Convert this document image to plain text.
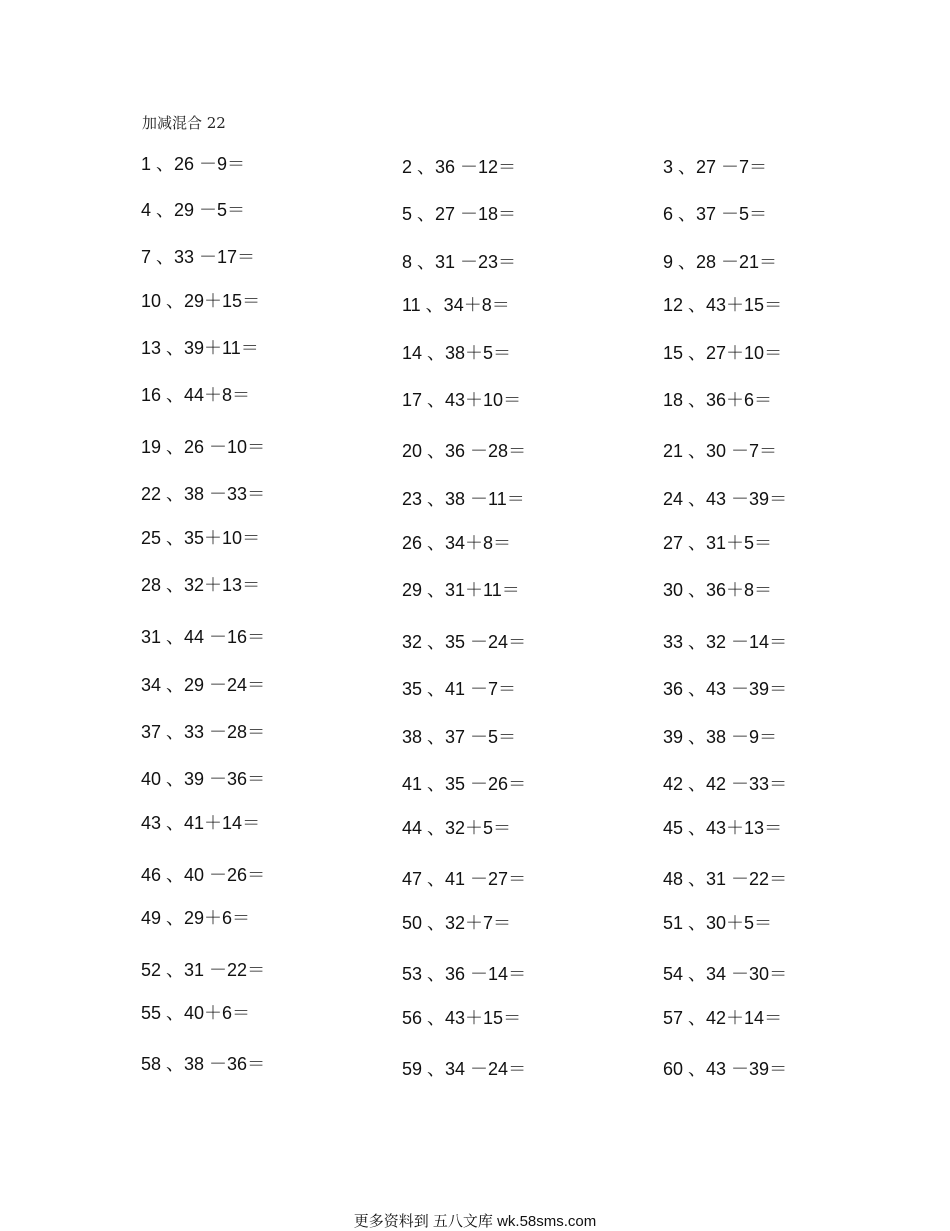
加减混合 22
1 、26 －9＝	2 、36 －12＝	3 、27 －7＝
4 、29 －5＝	5 、27 －18＝	6 、37 －5＝
7 、33 －17＝	8 、31 －23＝	9 、28 －21＝
10 、29＋15＝	11 、34＋8＝	12 、43＋15＝
13 、39＋11＝	14 、38＋5＝	15 、27＋10＝
16 、44＋8＝	17 、43＋10＝	18 、36＋6＝
19 、26 －10＝	20 、36 －28＝	21 、30 －7＝
22 、38 －33＝	23 、38 －11＝	24 、43 －39＝
25 、35＋10＝	26 、34＋8＝	27 、31＋5＝
28 、32＋13＝	29 、31＋11＝	30 、36＋8＝
31 、44 －16＝	32 、35 －24＝	33 、32 －14＝
34 、29 －24＝	35 、41 －7＝	36 、43 －39＝
37 、33 －28＝	38 、37 －5＝	39 、38 －9＝
40 、39 －36＝	41 、35 －26＝	42 、42 －33＝
43 、41＋14＝	44 、32＋5＝	45 、43＋13＝
46 、40 －26＝	47 、41 －27＝	48 、31 －22＝
49 、29＋6＝	50 、32＋7＝	51 、30＋5＝
52 、31 －22＝	53 、36 －14＝	54 、34 －30＝
55 、40＋6＝	56 、43＋15＝	57 、42＋14＝
58 、38 －36＝	59 、34 －24＝	60 、43 －39＝
更多资料到 五八文库 wk.58sms.com
